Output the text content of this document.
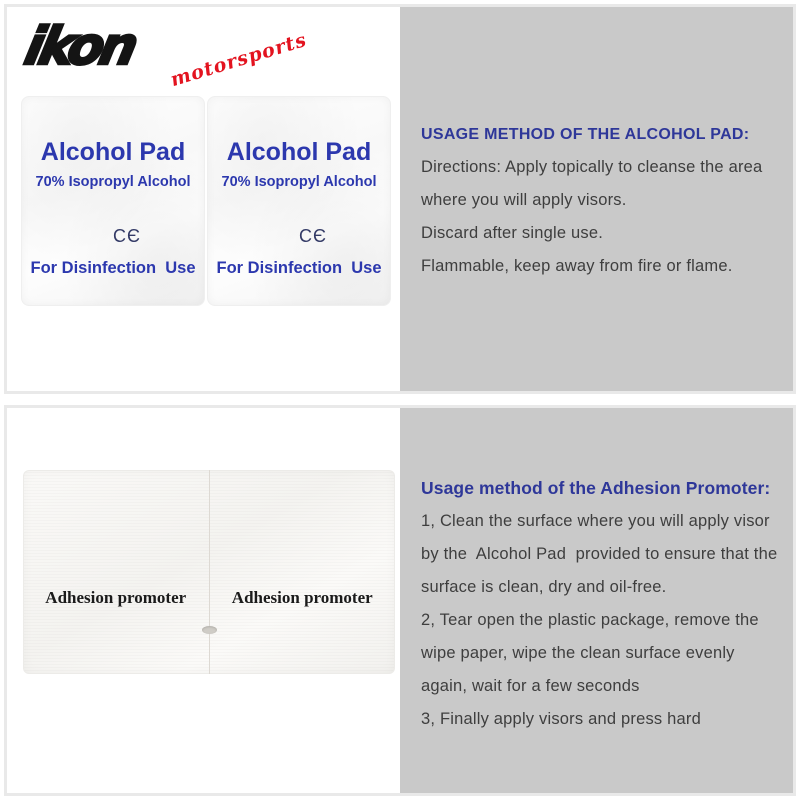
ikon motorsports
Alcohol Pad
70% Isopropyl Alcohol
CЄ
For Disinfection  Use
Alcohol Pad
70% Isopropyl Alcohol
CЄ
For Disinfection  Use
USAGE METHOD OF THE ALCOHOL PAD:
Directions: Apply topically to cleanse the area
where you will apply visors.
Discard after single use.
Flammable, keep away from fire or flame.
Adhesion promoter	Adhesion promoter
Usage method of the Adhesion Promoter:
1, Clean the surface where you will apply visor
by the  Alcohol Pad  provided to ensure that the
surface is clean, dry and oil-free.
2, Tear open the plastic package, remove the
wipe paper, wipe the clean surface evenly
again, wait for a few seconds
3, Finally apply visors and press hard
